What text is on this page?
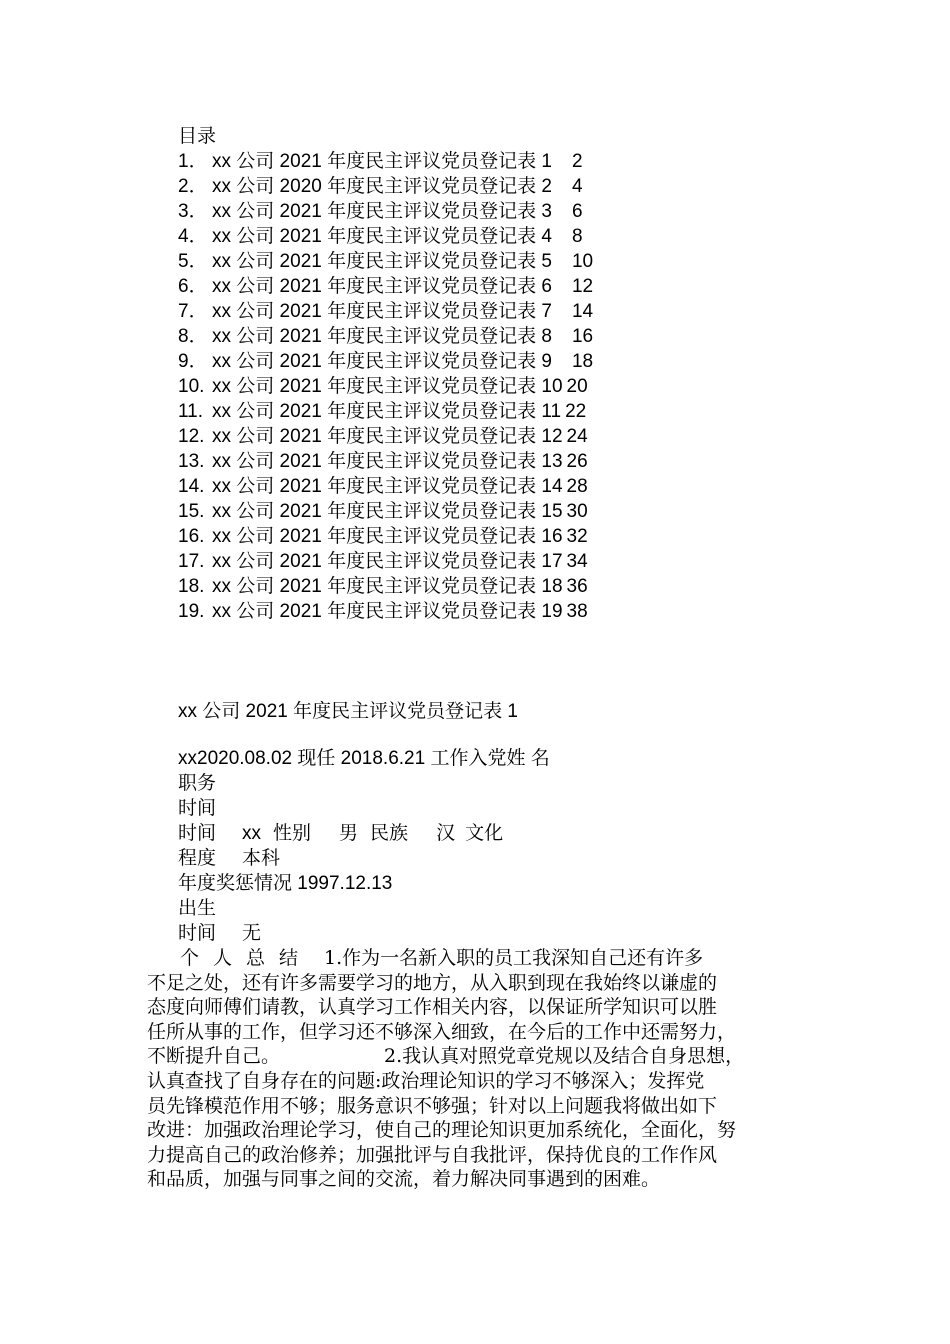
目录
1． xx 公司 2021 年度民主评议党员登记表 1 2
2． xx 公司 2020 年度民主评议党员登记表 2 4
3． xx 公司 2021 年度民主评议党员登记表 3 6
4． xx 公司 2021 年度民主评议党员登记表 4 8
5． xx 公司 2021 年度民主评议党员登记表 5 10
6． xx 公司 2021 年度民主评议党员登记表 6 12
7． xx 公司 2021 年度民主评议党员登记表 7 14
8． xx 公司 2021 年度民主评议党员登记表 8 16
9． xx 公司 2021 年度民主评议党员登记表 9 18
10. xx 公司 2021 年度民主评议党员登记表 10 20
11. xx 公司 2021 年度民主评议党员登记表 11 22
12. xx 公司 2021 年度民主评议党员登记表 12 24
13. xx 公司 2021 年度民主评议党员登记表 13 26
14. xx 公司 2021 年度民主评议党员登记表 14 28
15. xx 公司 2021 年度民主评议党员登记表 15 30
16. xx 公司 2021 年度民主评议党员登记表 16 32
17. xx 公司 2021 年度民主评议党员登记表 17 34
18. xx 公司 2021 年度民主评议党员登记表 18 36
19. xx 公司 2021 年度民主评议党员登记表 19 38
xx 公司 2021 年度民主评议党员登记表 1
xx2020.08.02 现任 2018.6.21 工作入党姓 名
职务
时间
时间 xx 性别 男 民族 汉 文化
程度 本科
年度奖惩情况 1997.12.13
出生
时间 无
个人总结 1.作为一名新入职的员工我深知自己还有许多
不足之处，还有许多需要学习的地方，从入职到现在我始终以谦虚的
态度向师傅们请教，认真学习工作相关内容，以保证所学知识可以胜
任所从事的工作，但学习还不够深入细致，在今后的工作中还需努力，
不断提升自己。	2.我认真对照党章党规以及结合自身思想，
认真查找了自身存在的问题:政治理论知识的学习不够深入；发挥党
员先锋模范作用不够；服务意识不够强；针对以上问题我将做出如下
改进：加强政治理论学习，使自己的理论知识更加系统化，全面化，努
力提高自己的政治修养；加强批评与自我批评，保持优良的工作作风
和品质，加强与同事之间的交流，着力解决同事遇到的困难。
